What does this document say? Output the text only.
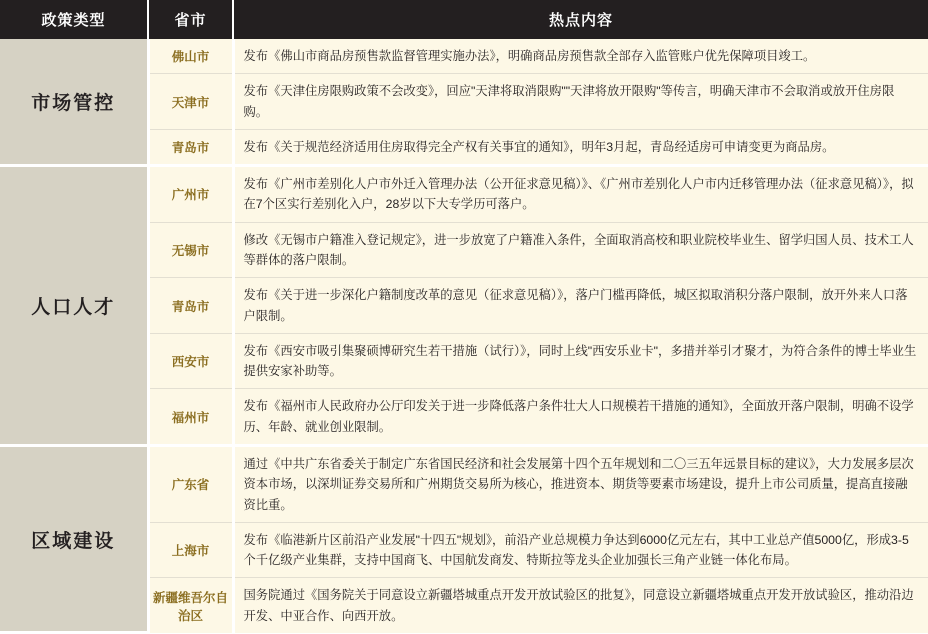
政策类型	省市	热点内容
市场管控	佛山市	发布《佛山市商品房预售款监督管理实施办法》，明确商品房预售款全部存入监管账户优先保障项目竣工。
	天津市	发布《天津住房限购政策不会改变》，回应"天津将取消限购""天津将放开限购"等传言，明确天津市不会取消或放开住房限购。
	青岛市	发布《关于规范经济适用住房取得完全产权有关事宜的通知》，明年3月起，青岛经适房可申请变更为商品房。
人口人才	广州市	发布《广州市差别化人户市外迁入管理办法（公开征求意见稿）》、《广州市差别化人户市内迁移管理办法（征求意见稿）》，拟在7个区实行差别化入户，28岁以下大专学历可落户。
	无锡市	修改《无锡市户籍准入登记规定》，进一步放宽了户籍准入条件，全面取消高校和职业院校毕业生、留学归国人员、技术工人等群体的落户限制。
	青岛市	发布《关于进一步深化户籍制度改革的意见（征求意见稿）》，落户门槛再降低，城区拟取消积分落户限制，放开外来人口落户限制。
	西安市	发布《西安市吸引集聚硕博研究生若干措施（试行）》，同时上线"西安乐业卡"，多措并举引才聚才，为符合条件的博士毕业生提供安家补助等。
	福州市	发布《福州市人民政府办公厅印发关于进一步降低落户条件壮大人口规模若干措施的通知》，全面放开落户限制，明确不设学历、年龄、就业创业限制。
区域建设	广东省	通过《中共广东省委关于制定广东省国民经济和社会发展第十四个五年规划和二〇三五年远景目标的建议》，大力发展多层次资本市场，以深圳证券交易所和广州期货交易所为核心，推进资本、期货等要素市场建设，提升上市公司质量，提高直接融资比重。
	上海市	发布《临港新片区前沿产业发展"十四五"规划》，前沿产业总规模力争达到6000亿元左右，其中工业总产值5000亿，形成3-5个千亿级产业集群，支持中国商飞、中国航发商发、特斯拉等龙头企业加强长三角产业链一体化布局。
	新疆维吾尔自治区	国务院通过《国务院关于同意设立新疆塔城重点开发开放试验区的批复》，同意设立新疆塔城重点开发开放试验区，推动沿边开发、中亚合作、向西开放。
